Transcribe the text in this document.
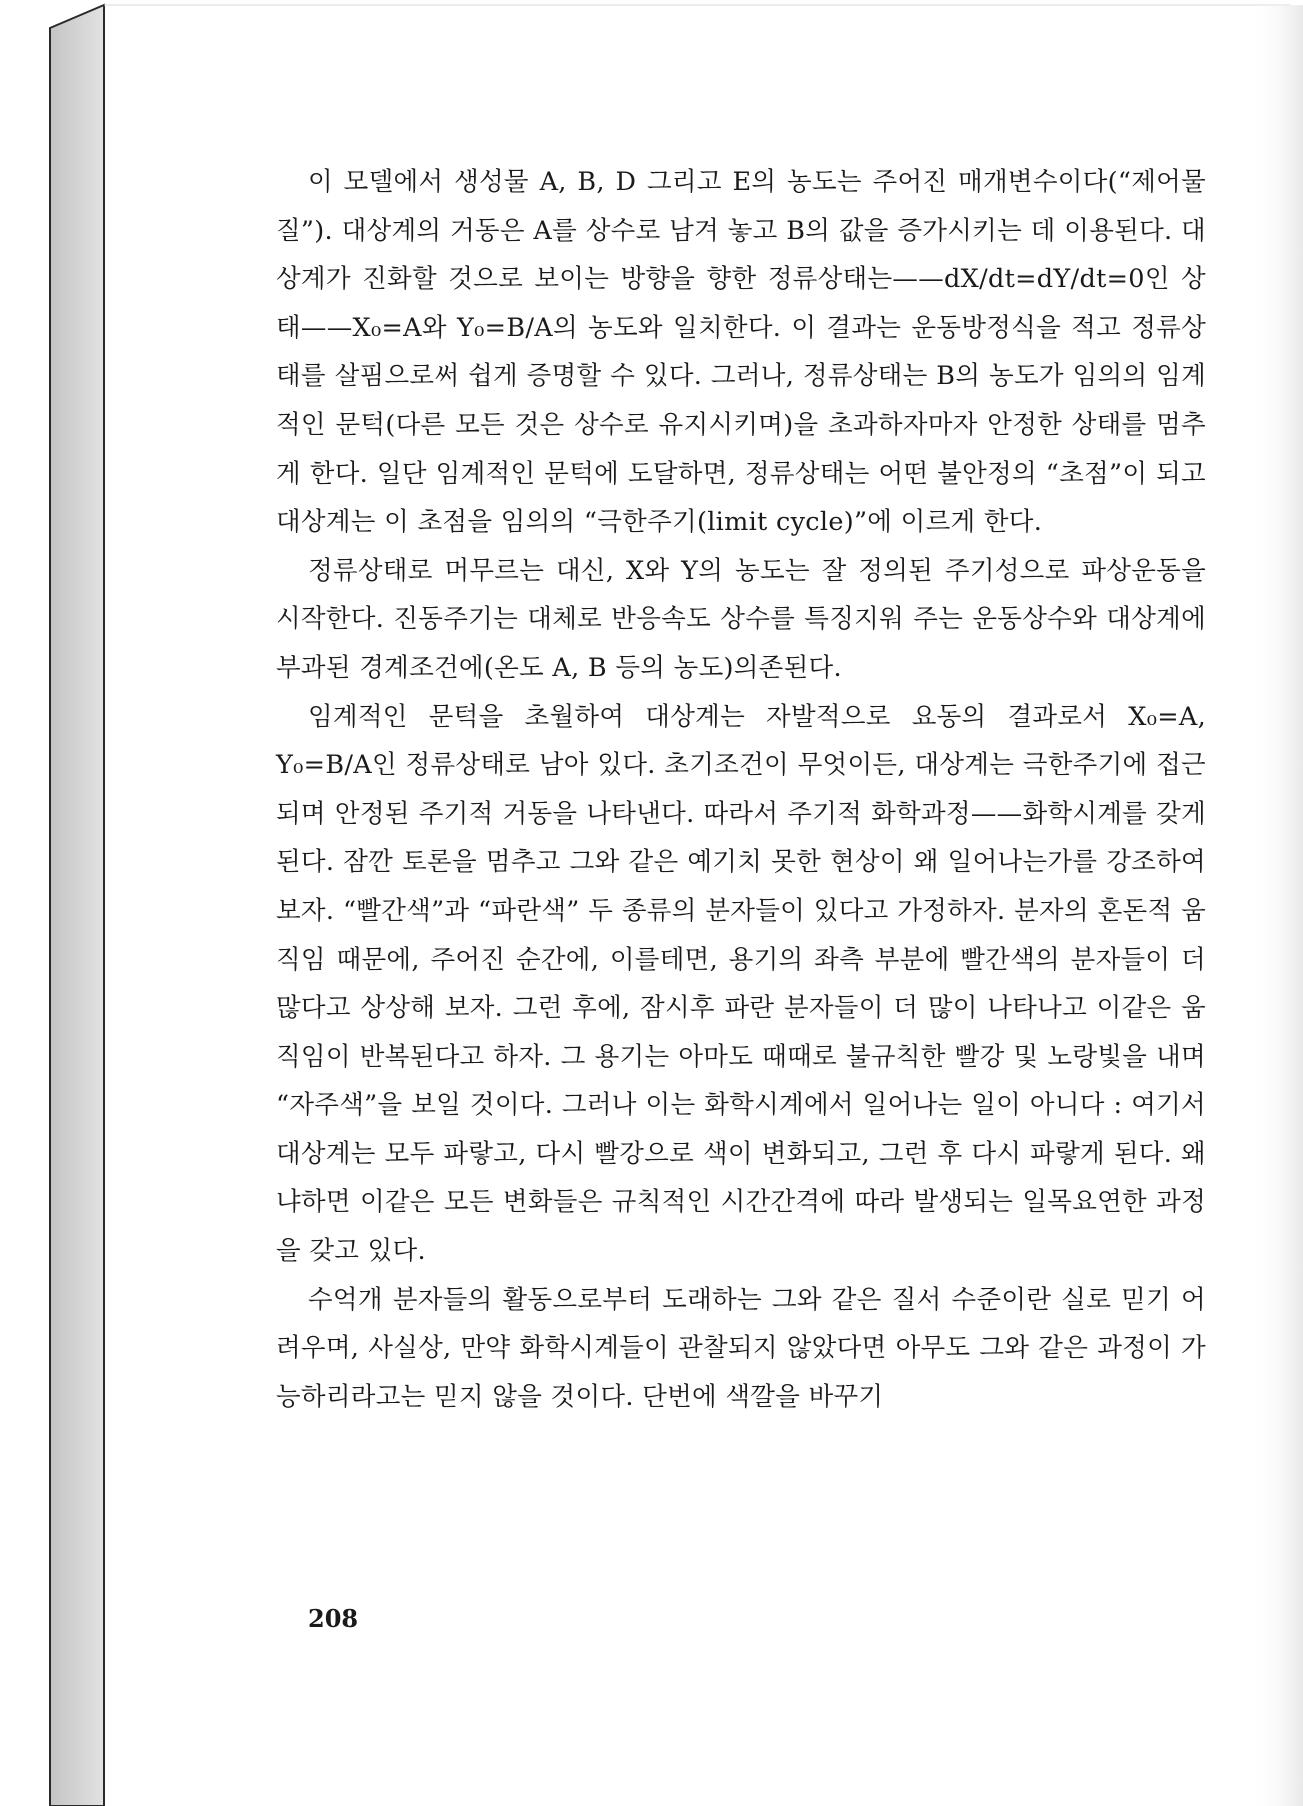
이 모델에서 생성물 A, B, D 그리고 E의 농도는 주어진 매개변수이다(“제어물질”). 대상계의 거동은 A를 상수로 남겨 놓고 B의 값을 증가시키는 데 이용된다. 대상계가 진화할 것으로 보이는 방향을 향한 정류상태는——dX/dt=dY/dt=0인 상태——X₀=A와 Y₀=B/A의 농도와 일치한다. 이 결과는 운동방정식을 적고 정류상태를 살핌으로써 쉽게 증명할 수 있다. 그러나, 정류상태는 B의 농도가 임의의 임계적인 문턱(다른 모든 것은 상수로 유지시키며)을 초과하자마자 안정한 상태를 멈추게 한다. 일단 임계적인 문턱에 도달하면, 정류상태는 어떤 불안정의 “초점”이 되고 대상계는 이 초점을 임의의 “극한주기(limit cycle)”에 이르게 한다.

정류상태로 머무르는 대신, X와 Y의 농도는 잘 정의된 주기성으로 파상운동을 시작한다. 진동주기는 대체로 반응속도 상수를 특징지워 주는 운동상수와 대상계에 부과된 경계조건에(온도 A, B 등의 농도)의존된다.

임계적인 문턱을 초월하여 대상계는 자발적으로 요동의 결과로서 X₀=A, Y₀=B/A인 정류상태로 남아 있다. 초기조건이 무엇이든, 대상계는 극한주기에 접근되며 안정된 주기적 거동을 나타낸다. 따라서 주기적 화학과정——화학시계를 갖게 된다. 잠깐 토론을 멈추고 그와 같은 예기치 못한 현상이 왜 일어나는가를 강조하여 보자. “빨간색”과 “파란색” 두 종류의 분자들이 있다고 가정하자. 분자의 혼돈적 움직임 때문에, 주어진 순간에, 이를테면, 용기의 좌측 부분에 빨간색의 분자들이 더 많다고 상상해 보자. 그런 후에, 잠시후 파란 분자들이 더 많이 나타나고 이같은 움직임이 반복된다고 하자. 그 용기는 아마도 때때로 불규칙한 빨강 및 노랑빛을 내며 “자주색”을 보일 것이다. 그러나 이는 화학시계에서 일어나는 일이 아니다 : 여기서 대상계는 모두 파랗고, 다시 빨강으로 색이 변화되고, 그런 후 다시 파랗게 된다. 왜냐하면 이같은 모든 변화들은 규칙적인 시간간격에 따라 발생되는 일목요연한 과정을 갖고 있다.

수억개 분자들의 활동으로부터 도래하는 그와 같은 질서 수준이란 실로 믿기 어려우며, 사실상, 만약 화학시계들이 관찰되지 않았다면 아무도 그와 같은 과정이 가능하리라고는 믿지 않을 것이다. 단번에 색깔을 바꾸기

208
